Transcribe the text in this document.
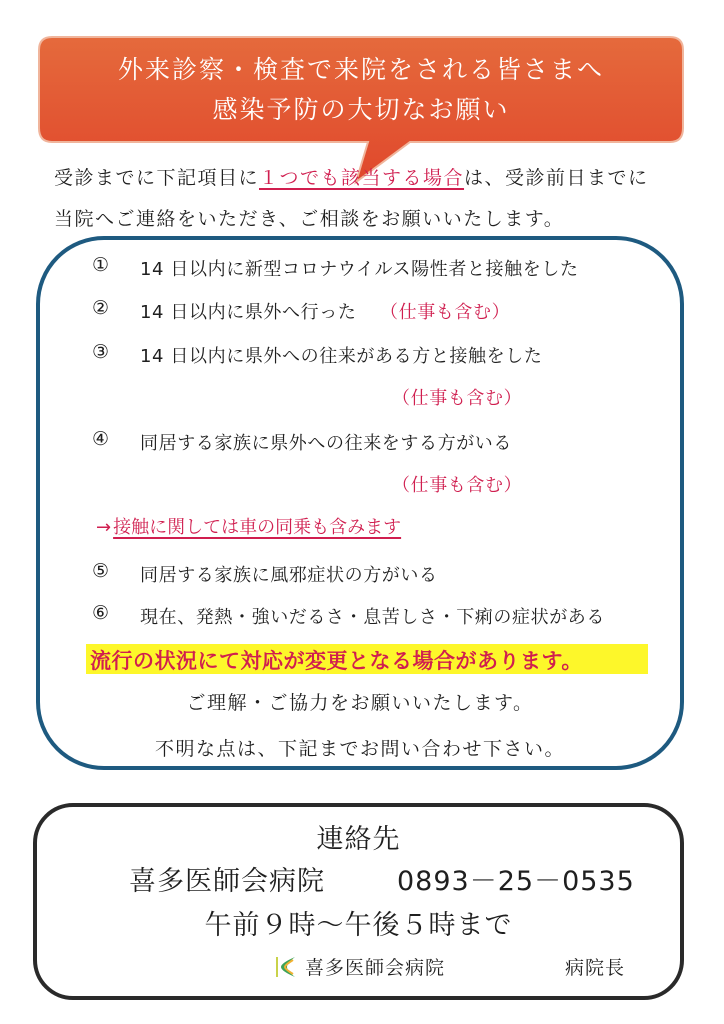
外来診察・検査で来院をされる皆さまへ
感染予防の大切なお願い
受診までに下記項目に１つでも該当する場合は、受診前日までに
当院へご連絡をいただき、ご相談をお願いいたします。
① 14 日以内に新型コロナウイルス陽性者と接触をした
② 14 日以内に県外へ行った （仕事も含む）
③ 14 日以内に県外への往来がある方と接触をした
（仕事も含む）
④ 同居する家族に県外への往来をする方がいる
（仕事も含む）
→ 接触に関しては車の同乗も含みます
⑤ 同居する家族に風邪症状の方がいる
⑥ 現在、発熱・強いだるさ・息苦しさ・下痢の症状がある
流行の状況にて対応が変更となる場合があります。
ご理解・ご協力をお願いいたします。
不明な点は、下記までお問い合わせ下さい。
連絡先
喜多医師会病院	0893－25－0535
午前９時～午後５時まで
喜多医師会病院	病院長
